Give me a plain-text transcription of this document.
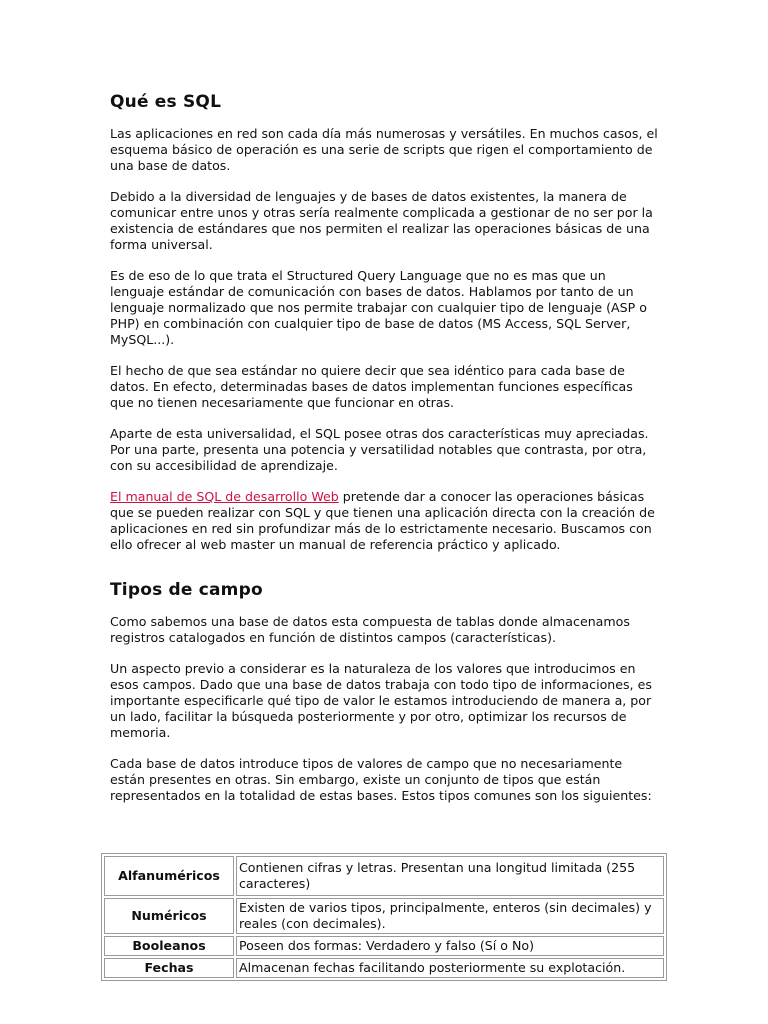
Qué es SQL

Las aplicaciones en red son cada día más numerosas y versátiles. En muchos casos, el esquema básico de operación es una serie de scripts que rigen el comportamiento de una base de datos.

Debido a la diversidad de lenguajes y de bases de datos existentes, la manera de comunicar entre unos y otras sería realmente complicada a gestionar de no ser por la existencia de estándares que nos permiten el realizar las operaciones básicas de una forma universal.

Es de eso de lo que trata el Structured Query Language que no es mas que un lenguaje estándar de comunicación con bases de datos. Hablamos por tanto de un lenguaje normalizado que nos permite trabajar con cualquier tipo de lenguaje (ASP o PHP) en combinación con cualquier tipo de base de datos (MS Access, SQL Server, MySQL...).

El hecho de que sea estándar no quiere decir que sea idéntico para cada base de datos. En efecto, determinadas bases de datos implementan funciones específicas que no tienen necesariamente que funcionar en otras.

Aparte de esta universalidad, el SQL posee otras dos características muy apreciadas. Por una parte, presenta una potencia y versatilidad notables que contrasta, por otra, con su accesibilidad de aprendizaje.

El manual de SQL de desarrollo Web pretende dar a conocer las operaciones básicas que se pueden realizar con SQL y que tienen una aplicación directa con la creación de aplicaciones en red sin profundizar más de lo estrictamente necesario. Buscamos con ello ofrecer al web master un manual de referencia práctico y aplicado.

Tipos de campo

Como sabemos una base de datos esta compuesta de tablas donde almacenamos registros catalogados en función de distintos campos (características).

Un aspecto previo a considerar es la naturaleza de los valores que introducimos en esos campos. Dado que una base de datos trabaja con todo tipo de informaciones, es importante especificarle qué tipo de valor le estamos introduciendo de manera a, por un lado, facilitar la búsqueda posteriormente y por otro, optimizar los recursos de memoria.

Cada base de datos introduce tipos de valores de campo que no necesariamente están presentes en otras. Sin embargo, existe un conjunto de tipos que están representados en la totalidad de estas bases. Estos tipos comunes son los siguientes:

Alfanuméricos	Contienen cifras y letras. Presentan una longitud limitada (255 caracteres)
Numéricos	Existen de varios tipos, principalmente, enteros (sin decimales) y reales (con decimales).
Booleanos	Poseen dos formas: Verdadero y falso (Sí o No)
Fechas	Almacenan fechas facilitando posteriormente su explotación.
